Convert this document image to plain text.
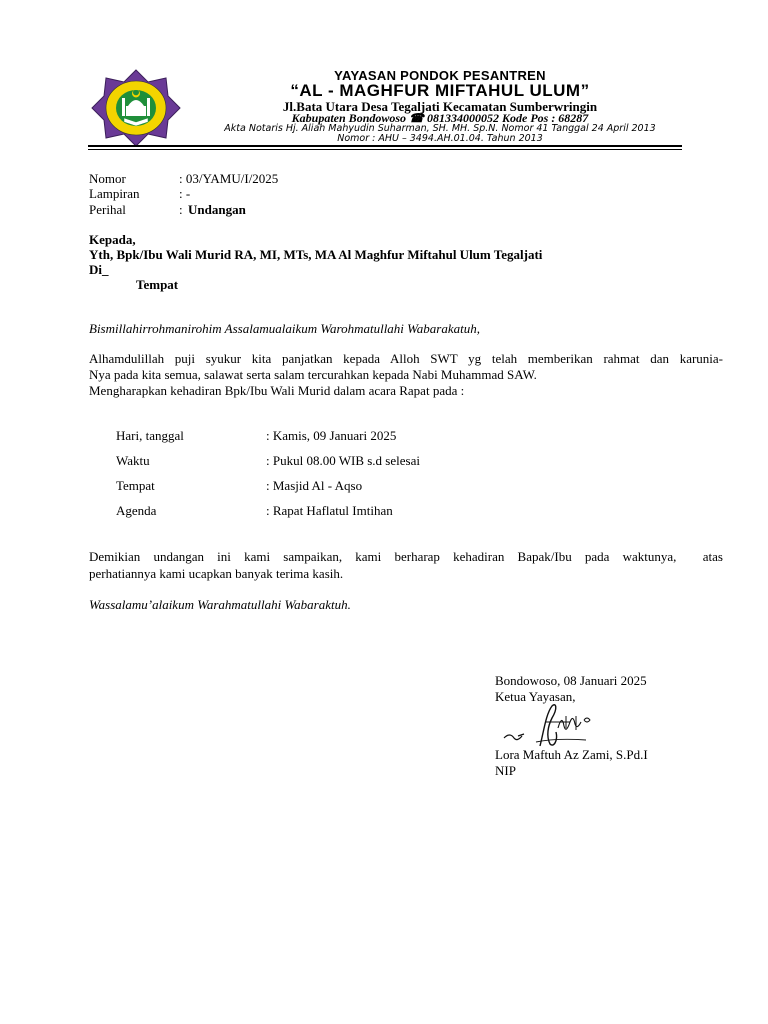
YAYASAN PONDOK PESANTREN
“AL - MAGHFUR MIFTAHUL ULUM”
Jl.Bata Utara Desa Tegaljati Kecamatan Sumberwringin
Kabupaten Bondowoso ☎ 081334000052 Kode Pos : 68287
Akta Notaris Hj. Aliah Mahyudin Suharman, SH. MH. Sp.N. Nomor 41 Tanggal 24 April 2013
Nomor : AHU – 3494.AH.01.04. Tahun 2013
Nomor	: 03/YAMU/I/2025
Lampiran	: -
Perihal	: Undangan
Kepada,
Yth, Bpk/Ibu Wali Murid RA, MI, MTs, MA Al Maghfur Miftahul Ulum Tegaljati
Di_
Tempat
Bismillahirrohmanirohim Assalamualaikum Warohmatullahi Wabarakatuh,
Alhamdulillah puji syukur kita panjatkan kepada Alloh SWT yg telah memberikan rahmat dan karunia-
Nya pada kita semua, salawat serta salam tercurahkan kepada Nabi Muhammad SAW.
Mengharapkan kehadiran Bpk/Ibu Wali Murid dalam acara Rapat pada :
Hari, tanggal	: Kamis, 09 Januari 2025
Waktu	: Pukul 08.00 WIB s.d selesai
Tempat	: Masjid Al - Aqso
Agenda	: Rapat Haflatul Imtihan
Demikian undangan ini kami sampaikan, kami berharap kehadiran Bapak/Ibu pada waktunya,  atas
perhatiannya kami ucapkan banyak terima kasih.
Wassalamu’alaikum Warahmatullahi Wabaraktuh.
Bondowoso, 08 Januari 2025
Ketua Yayasan,
Lora Maftuh Az Zami, S.Pd.I
NIP
